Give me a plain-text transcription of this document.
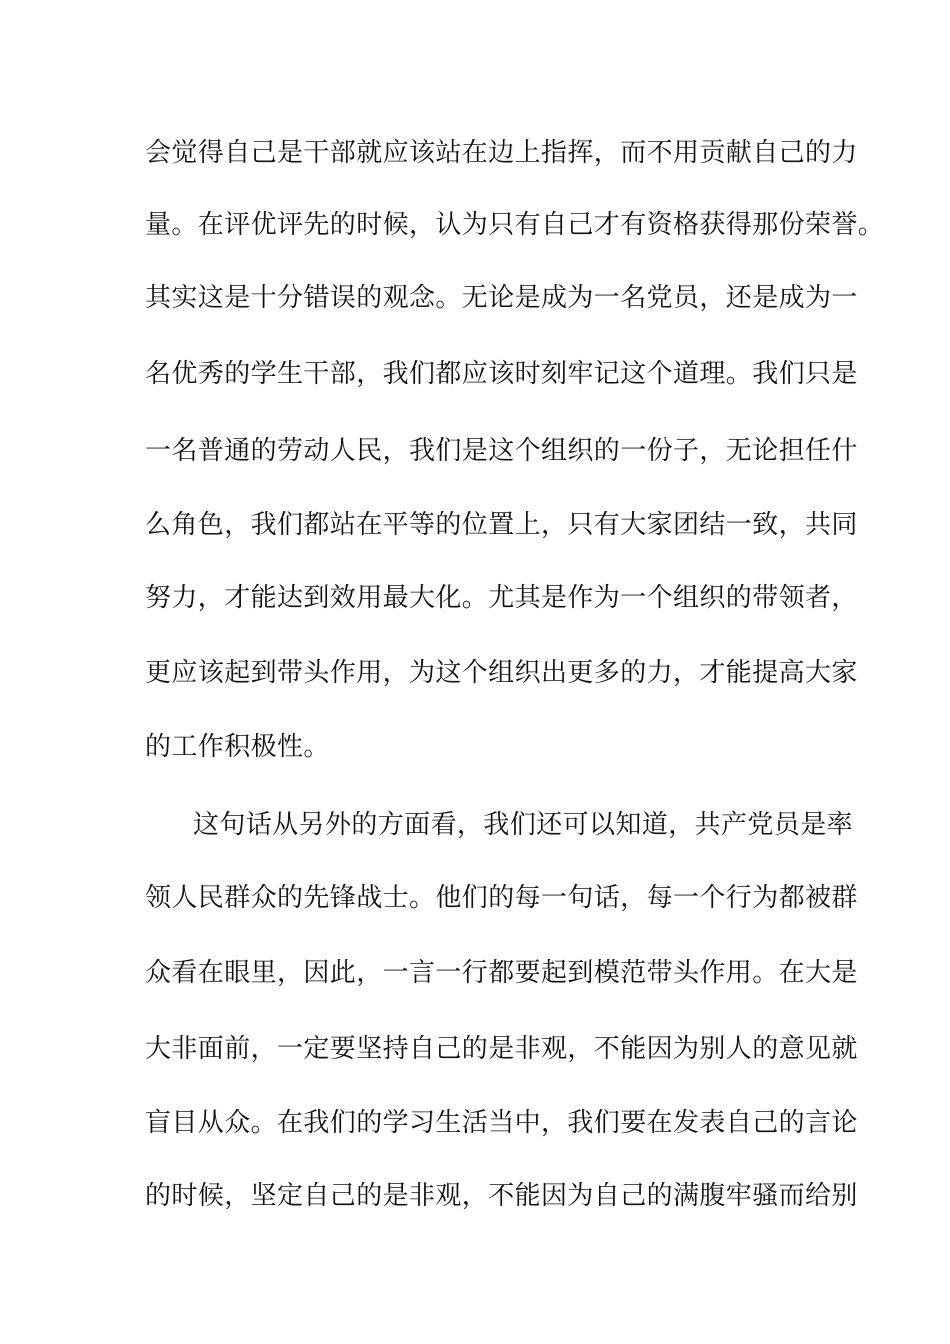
会觉得自己是干部就应该站在边上指挥，而不用贡献自己的力
量。在评优评先的时候，认为只有自己才有资格获得那份荣誉。
其实这是十分错误的观念。无论是成为一名党员，还是成为一
名优秀的学生干部，我们都应该时刻牢记这个道理。我们只是
一名普通的劳动人民，我们是这个组织的一份子，无论担任什
么角色，我们都站在平等的位置上，只有大家团结一致，共同
努力，才能达到效用最大化。尤其是作为一个组织的带领者，
更应该起到带头作用，为这个组织出更多的力，才能提高大家
的工作积极性。
这句话从另外的方面看，我们还可以知道，共产党员是率
领人民群众的先锋战士。他们的每一句话，每一个行为都被群
众看在眼里，因此，一言一行都要起到模范带头作用。在大是
大非面前，一定要坚持自己的是非观，不能因为别人的意见就
盲目从众。在我们的学习生活当中，我们要在发表自己的言论
的时候，坚定自己的是非观，不能因为自己的满腹牢骚而给别
